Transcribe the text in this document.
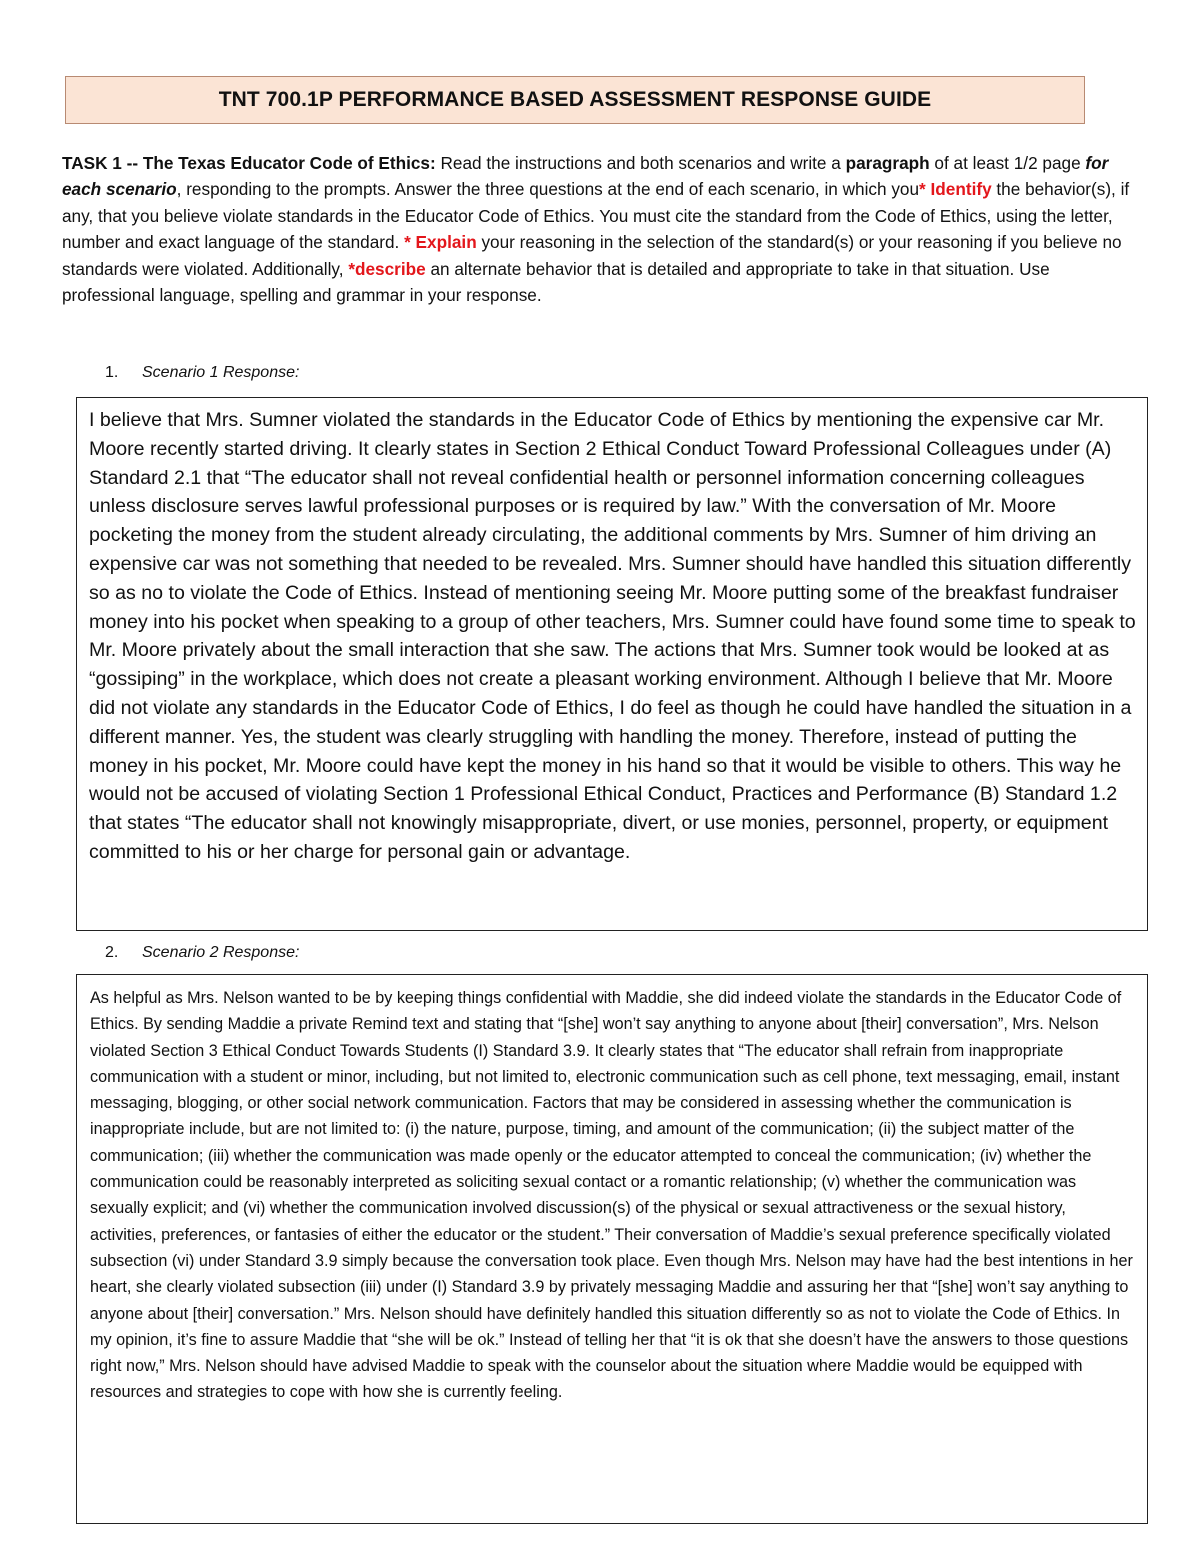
TNT 700.1P PERFORMANCE BASED ASSESSMENT RESPONSE GUIDE
TASK 1 -- The Texas Educator Code of Ethics: Read the instructions and both scenarios and write a paragraph of at least 1/2 page for each scenario, responding to the prompts. Answer the three questions at the end of each scenario, in which you* Identify the behavior(s), if any, that you believe violate standards in the Educator Code of Ethics. You must cite the standard from the Code of Ethics, using the letter, number and exact language of the standard. * Explain your reasoning in the selection of the standard(s) or your reasoning if you believe no standards were violated. Additionally, *describe an alternate behavior that is detailed and appropriate to take in that situation. Use professional language, spelling and grammar in your response.
1. Scenario 1 Response:
I believe that Mrs. Sumner violated the standards in the Educator Code of Ethics by mentioning the expensive car Mr. Moore recently started driving. It clearly states in Section 2 Ethical Conduct Toward Professional Colleagues under (A) Standard 2.1 that “The educator shall not reveal confidential health or personnel information concerning colleagues unless disclosure serves lawful professional purposes or is required by law.” With the conversation of Mr. Moore pocketing the money from the student already circulating, the additional comments by Mrs. Sumner of him driving an expensive car was not something that needed to be revealed. Mrs. Sumner should have handled this situation differently so as no to violate the Code of Ethics. Instead of mentioning seeing Mr. Moore putting some of the breakfast fundraiser money into his pocket when speaking to a group of other teachers, Mrs. Sumner could have found some time to speak to Mr. Moore privately about the small interaction that she saw. The actions that Mrs. Sumner took would be looked at as “gossiping” in the workplace, which does not create a pleasant working environment. Although I believe that Mr. Moore did not violate any standards in the Educator Code of Ethics, I do feel as though he could have handled the situation in a different manner. Yes, the student was clearly struggling with handling the money. Therefore, instead of putting the money in his pocket, Mr. Moore could have kept the money in his hand so that it would be visible to others. This way he would not be accused of violating Section 1 Professional Ethical Conduct, Practices and Performance (B) Standard 1.2 that states “The educator shall not knowingly misappropriate, divert, or use monies, personnel, property, or equipment committed to his or her charge for personal gain or advantage.
2. Scenario 2 Response:
As helpful as Mrs. Nelson wanted to be by keeping things confidential with Maddie, she did indeed violate the standards in the Educator Code of Ethics. By sending Maddie a private Remind text and stating that “[she] won’t say anything to anyone about [their] conversation”, Mrs. Nelson violated Section 3 Ethical Conduct Towards Students (I) Standard 3.9. It clearly states that “The educator shall refrain from inappropriate communication with a student or minor, including, but not limited to, electronic communication such as cell phone, text messaging, email, instant messaging, blogging, or other social network communication. Factors that may be considered in assessing whether the communication is inappropriate include, but are not limited to: (i) the nature, purpose, timing, and amount of the communication; (ii) the subject matter of the communication; (iii) whether the communication was made openly or the educator attempted to conceal the communication; (iv) whether the communication could be reasonably interpreted as soliciting sexual contact or a romantic relationship; (v) whether the communication was sexually explicit; and (vi) whether the communication involved discussion(s) of the physical or sexual attractiveness or the sexual history, activities, preferences, or fantasies of either the educator or the student.” Their conversation of Maddie’s sexual preference specifically violated subsection (vi) under Standard 3.9 simply because the conversation took place. Even though Mrs. Nelson may have had the best intentions in her heart, she clearly violated subsection (iii) under (I) Standard 3.9 by privately messaging Maddie and assuring her that “[she] won’t say anything to anyone about [their] conversation.” Mrs. Nelson should have definitely handled this situation differently so as not to violate the Code of Ethics. In my opinion, it’s fine to assure Maddie that “she will be ok.” Instead of telling her that “it is ok that she doesn’t have the answers to those questions right now,” Mrs. Nelson should have advised Maddie to speak with the counselor about the situation where Maddie would be equipped with resources and strategies to cope with how she is currently feeling.
